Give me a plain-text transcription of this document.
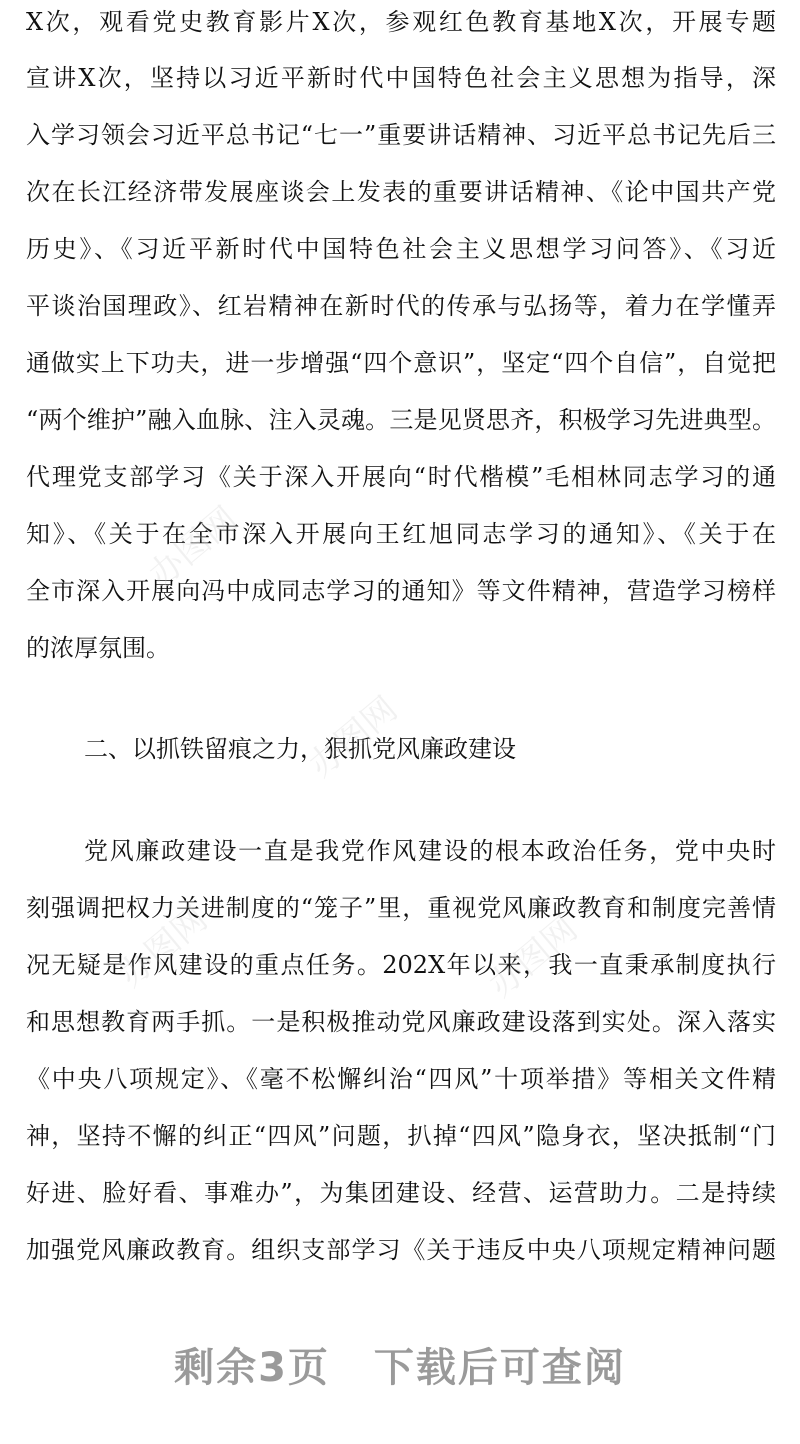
X次，观看党史教育影片X次，参观红色教育基地X次，开展专题
宣讲X次，坚持以习近平新时代中国特色社会主义思想为指导，深
入学习领会习近平总书记“七一”重要讲话精神、习近平总书记先后三
次在长江经济带发展座谈会上发表的重要讲话精神、《论中国共产党
历史》、《习近平新时代中国特色社会主义思想学习问答》、《习近
平谈治国理政》、红岩精神在新时代的传承与弘扬等，着力在学懂弄
通做实上下功夫，进一步增强“四个意识”，坚定“四个自信”，自觉把
“两个维护”融入血脉、注入灵魂。三是见贤思齐，积极学习先进典型。
代理党支部学习《关于深入开展向“时代楷模”毛相林同志学习的通
知》、《关于在全市深入开展向王红旭同志学习的通知》、《关于在
全市深入开展向冯中成同志学习的通知》等文件精神，营造学习榜样
的浓厚氛围。
二、以抓铁留痕之力，狠抓党风廉政建设
党风廉政建设一直是我党作风建设的根本政治任务，党中央时
刻强调把权力关进制度的“笼子”里，重视党风廉政教育和制度完善情
况无疑是作风建设的重点任务。202X年以来，我一直秉承制度执行
和思想教育两手抓。一是积极推动党风廉政建设落到实处。深入落实
《中央八项规定》、《毫不松懈纠治“四风”十项举措》等相关文件精
神，坚持不懈的纠正“四风”问题，扒掉“四风”隐身衣，坚决抵制“门
好进、脸好看、事难办”，为集团建设、经营、运营助力。二是持续
加强党风廉政教育。组织支部学习《关于违反中央八项规定精神问题
办图网
办图网
办图网	办图网
剩余3页 下载后可查阅
